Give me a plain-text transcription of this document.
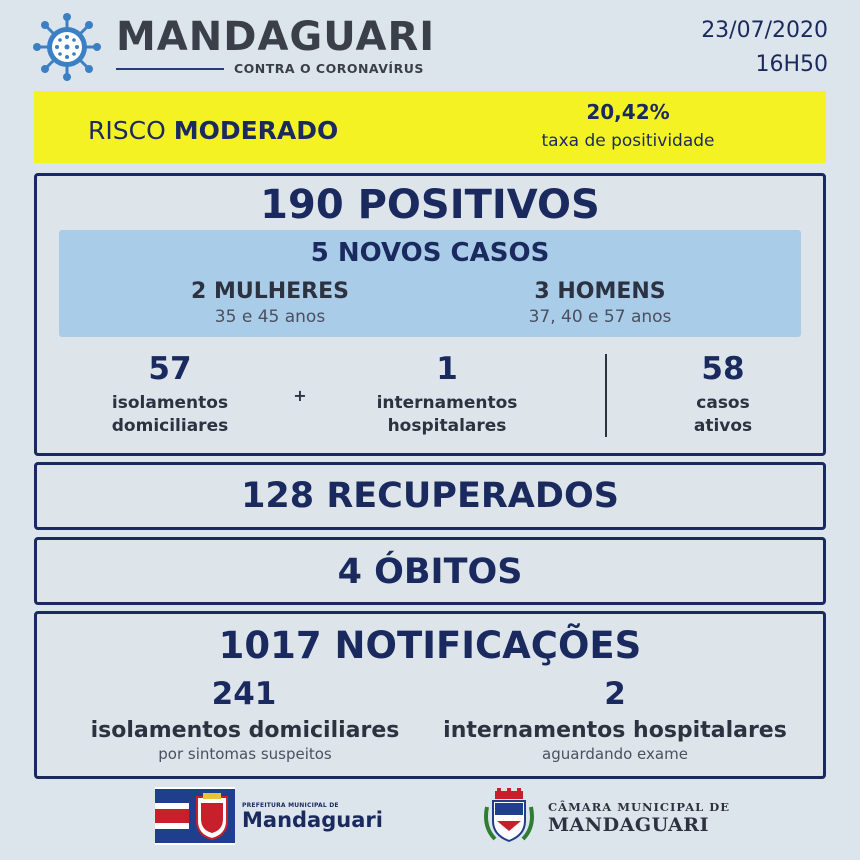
MANDAGUARI
CONTRA O CORONAVÍRUS
23/07/2020
16H50
RISCO MODERADO
20,42%
taxa de positividade
190 POSITIVOS
5 NOVOS CASOS
2 MULHERES
35 e 45 anos
3 HOMENS
37, 40 e 57 anos
57
isolamentos
domiciliares
+
1
internamentos
hospitalares
58
casos
ativos
128 RECUPERADOS
4 ÓBITOS
1017 NOTIFICAÇÕES
241
isolamentos domiciliares
por sintomas suspeitos
2
internamentos hospitalares
aguardando exame
PREFEITURA MUNICIPAL DE
Mandaguari
CÂMARA MUNICIPAL DE
MANDAGUARI
